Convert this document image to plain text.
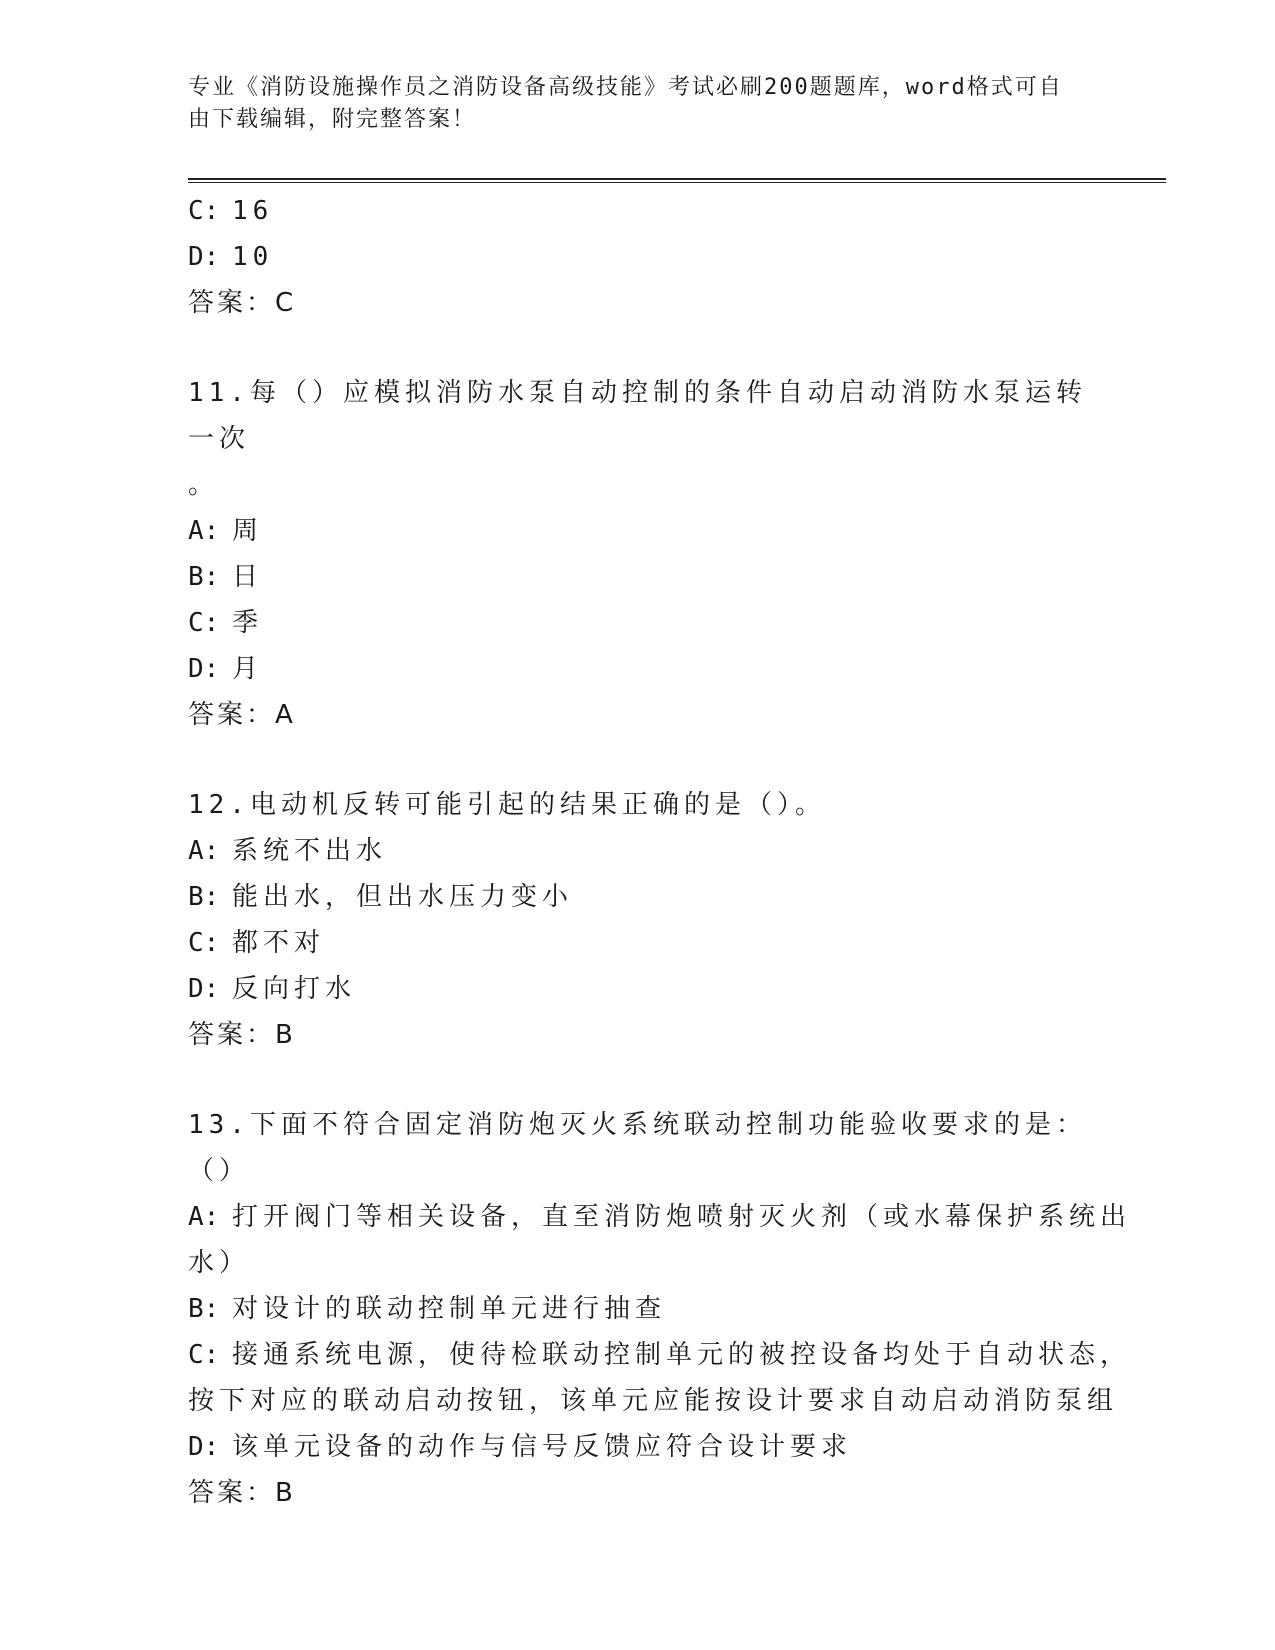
专业《消防设施操作员之消防设备高级技能》考试必刷200题题库，word格式可自由下载编辑，附完整答案！
C: 16
D: 10
答案：C
11.每（）应模拟消防水泵自动控制的条件自动启动消防水泵运转一次
。
A: 周
B: 日
C: 季
D: 月
答案：A
12.电动机反转可能引起的结果正确的是（）。
A: 系统不出水
B: 能出水，但出水压力变小
C: 都不对
D: 反向打水
答案：B
13.下面不符合固定消防炮灭火系统联动控制功能验收要求的是：（）
A: 打开阀门等相关设备，直至消防炮喷射灭火剂（或水幕保护系统出
水）
B: 对设计的联动控制单元进行抽查
C: 接通系统电源，使待检联动控制单元的被控设备均处于自动状态，
按下对应的联动启动按钮，该单元应能按设计要求自动启动消防泵组
D: 该单元设备的动作与信号反馈应符合设计要求
答案：B
